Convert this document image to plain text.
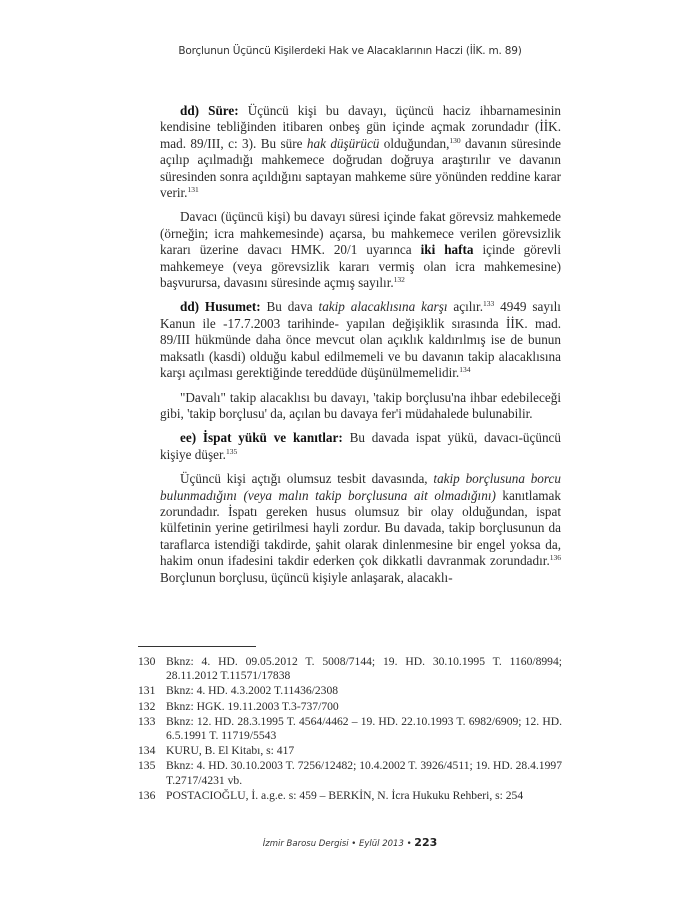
Borçlunun Üçüncü Kişilerdeki Hak ve Alacaklarının Haczi (İİK. m. 89)

dd) Süre: Üçüncü kişi bu davayı, üçüncü haciz ihbarnamesinin kendisine tebliğinden itibaren onbeş gün içinde açmak zorundadır (İİK. mad. 89/III, c: 3). Bu süre hak düşürücü olduğundan,$^{130}$ davanın süresinde açılıp açılmadığı mahkemece doğrudan doğruya araştırılır ve davanın süresinden sonra açıldığını saptayan mahkeme süre yönünden reddine karar verir.$^{131}$

Davacı (üçüncü kişi) bu davayı süresi içinde fakat görevsiz mahkemede (örneğin; icra mahkemesinde) açarsa, bu mahkemece verilen görevsizlik kararı üzerine davacı HMK. 20/1 uyarınca iki hafta içinde görevli mahkemeye (veya görevsizlik kararı vermiş olan icra mahkemesine) başvurursa, davasını süresinde açmış sayılır.$^{132}$

dd) Husumet: Bu dava takip alacaklısına karşı açılır.$^{133}$ 4949 sayılı Kanun ile -17.7.2003 tarihinde- yapılan değişiklik sırasında İİK. mad. 89/III hükmünde daha önce mevcut olan açıklık kaldırılmış ise de bunun maksatlı (kasdi) olduğu kabul edilmemeli ve bu davanın takip alacaklısına karşı açılması gerektiğinde tereddüde düşünülmemelidir.$^{134}$

"Davalı" takip alacaklısı bu davayı, 'takip borçlusu'na ihbar edebileceği gibi, 'takip borçlusu' da, açılan bu davaya fer'i müdahalede bulunabilir.

ee) İspat yükü ve kanıtlar: Bu davada ispat yükü, davacı-üçüncü kişiye düşer.$^{135}$

Üçüncü kişi açtığı olumsuz tesbit davasında, takip borçlusuna borcu bulunmadığını (veya malın takip borçlusuna ait olmadığını) kanıtlamak zorundadır. İspatı gereken husus olumsuz bir olay olduğundan, ispat külfetinin yerine getirilmesi hayli zordur. Bu davada, takip borçlusunun da taraflarca istendiği takdirde, şahit olarak dinlenmesine bir engel yoksa da, hakim onun ifadesini takdir ederken çok dikkatli davranmak zorundadır.$^{136}$ Borçlunun borçlusu, üçüncü kişiyle anlaşarak, alacaklı-

130 Bknz: 4. HD. 09.05.2012 T. 5008/7144; 19. HD. 30.10.1995 T. 1160/8994; 28.11.2012 T.11571/17838
131 Bknz: 4. HD. 4.3.2002 T.11436/2308
132 Bknz: HGK. 19.11.2003 T.3-737/700
133 Bknz: 12. HD. 28.3.1995 T. 4564/4462 – 19. HD. 22.10.1993 T. 6982/6909; 12. HD. 6.5.1991 T. 11719/5543
134 KURU, B. El Kitabı, s: 417
135 Bknz: 4. HD. 30.10.2003 T. 7256/12482; 10.4.2002 T. 3926/4511; 19. HD. 28.4.1997 T.2717/4231 vb.
136 POSTACIOĞLU, İ. a.g.e. s: 459 – BERKİN, N. İcra Hukuku Rehberi, s: 254
İzmir Barosu Dergisi • Eylül 2013 • 223
